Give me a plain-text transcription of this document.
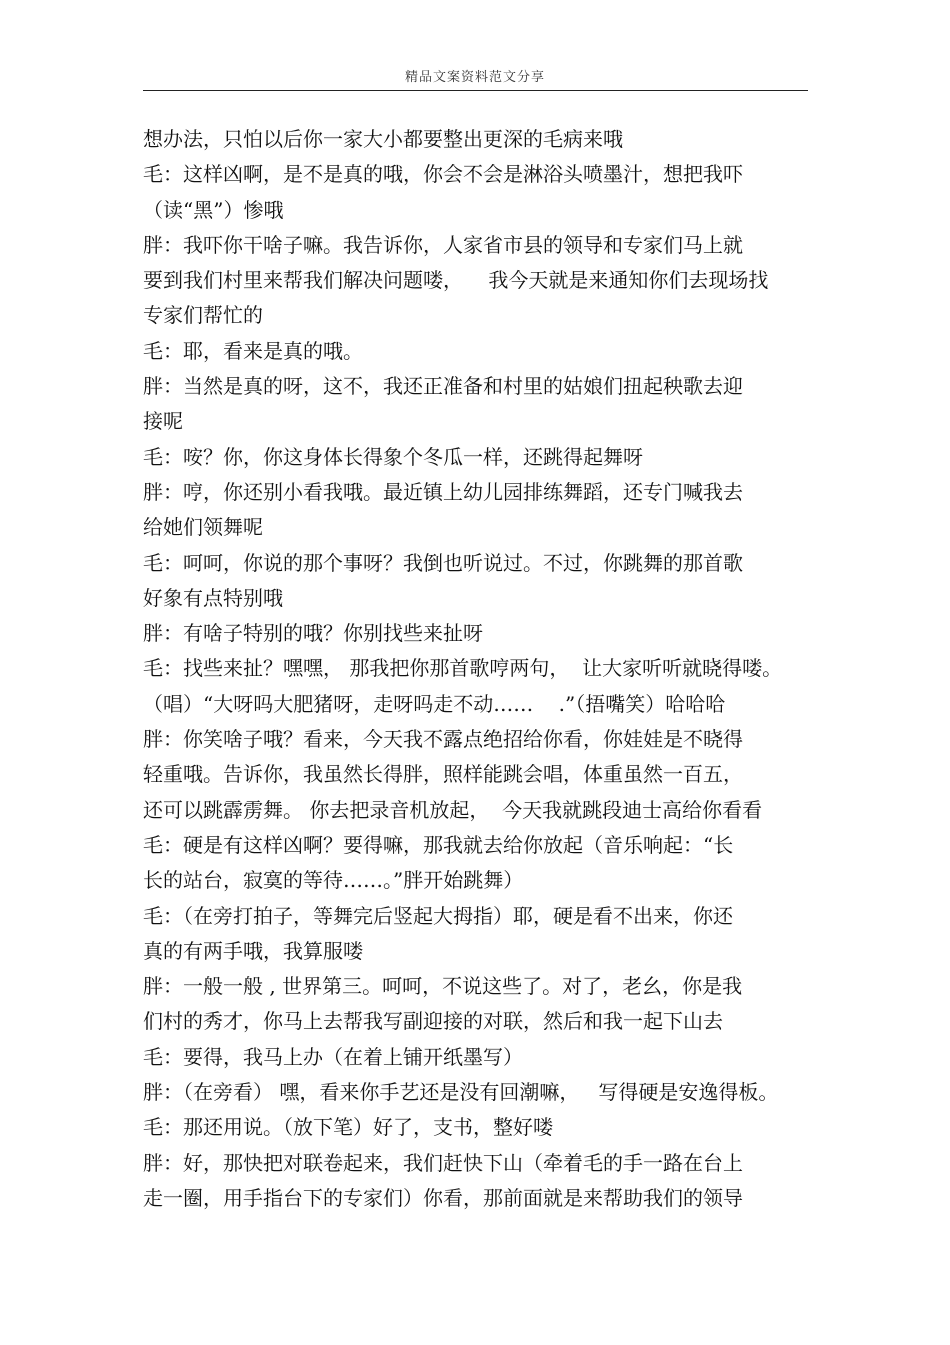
精品文案资料范文分享
想办法，只怕以后你一家大小都要整出更深的毛病来哦
毛：这样凶啊，是不是真的哦，你会不会是淋浴头喷墨汁，想把我吓
（读“黑”）惨哦
胖：我吓你干啥子嘛。我告诉你，人家省市县的领导和专家们马上就
要到我们村里来帮我们解决问题喽，    我今天就是来通知你们去现场找
专家们帮忙的
毛：耶，看来是真的哦。
胖：当然是真的呀，这不，我还正准备和村里的姑娘们扭起秧歌去迎
接呢
毛：咹？你，你这身体长得象个冬瓜一样，还跳得起舞呀
胖：哼，你还别小看我哦。最近镇上幼儿园排练舞蹈，还专门喊我去
给她们领舞呢
毛：呵呵，你说的那个事呀？我倒也听说过。不过，你跳舞的那首歌
好象有点特别哦
胖：有啥子特别的哦？你别找些来扯呀
毛：找些来扯？嘿嘿， 那我把你那首歌哼两句，  让大家听听就晓得喽。
（唱）“大呀吗大肥猪呀，走呀吗走不动……    .”（捂嘴笑）哈哈哈
胖：你笑啥子哦？看来，今天我不露点绝招给你看，你娃娃是不晓得
轻重哦。告诉你，我虽然长得胖，照样能跳会唱，体重虽然一百五，
还可以跳霹雳舞。 你去把录音机放起，  今天我就跳段迪士高给你看看
毛：硬是有这样凶啊？要得嘛，那我就去给你放起（音乐响起：“长
长的站台，寂寞的等待……。”胖开始跳舞）
毛：（在旁打拍子，等舞完后竖起大拇指）耶，硬是看不出来，你还
真的有两手哦，我算服喽
胖：一般一般 , 世界第三。呵呵，不说这些了。对了，老幺，你是我
们村的秀才，你马上去帮我写副迎接的对联，然后和我一起下山去
毛：要得，我马上办（在着上铺开纸墨写）
胖：（在旁看） 嘿，看来你手艺还是没有回潮嘛，   写得硬是安逸得板。
毛：那还用说。（放下笔）好了，支书，整好喽
胖：好，那快把对联卷起来，我们赶快下山（牵着毛的手一路在台上
走一圈，用手指台下的专家们）你看，那前面就是来帮助我们的领导
